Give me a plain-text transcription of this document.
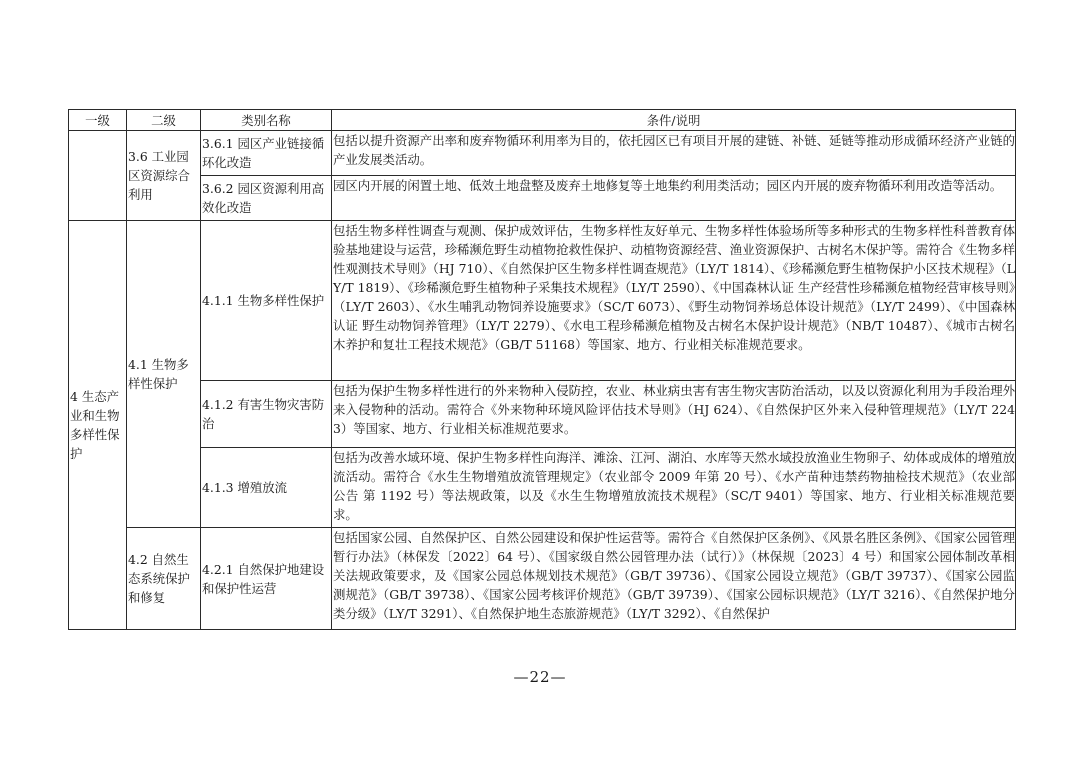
一级	二级	类别名称	条件/说明
	3.6 工业园区资源综合利用	3.6.1 园区产业链接循环化改造	包括以提升资源产出率和废弃物循环利用率为目的，依托园区已有项目开展的建链、补链、延链等推动形成循环经济产业链的产业发展类活动。
		3.6.2 园区资源利用高效化改造	园区内开展的闲置土地、低效土地盘整及废弃土地修复等土地集约利用类活动；园区内开展的废弃物循环利用改造等活动。
4 生态产业和生物多样性保护	4.1 生物多样性保护	4.1.1 生物多样性保护	包括生物多样性调查与观测、保护成效评估，生物多样性友好单元、生物多样性体验场所等多种形式的生物多样性科普教育体验基地建设与运营，珍稀濒危野生动植物抢救性保护、动植物资源经营、渔业资源保护、古树名木保护等。需符合《生物多样性观测技术导则》（HJ 710）、《自然保护区生物多样性调查规范》（LY/T 1814）、《珍稀濒危野生植物保护小区技术规程》（LY/T 1819）、《珍稀濒危野生植物种子采集技术规程》（LY/T 2590）、《中国森林认证 生产经营性珍稀濒危植物经营审核导则》（LY/T 2603）、《水生哺乳动物饲养设施要求》（SC/T 6073）、《野生动物饲养场总体设计规范》（LY/T 2499）、《中国森林认证 野生动物饲养管理》（LY/T 2279）、《水电工程珍稀濒危植物及古树名木保护设计规范》（NB/T 10487）、《城市古树名木养护和复壮工程技术规范》（GB/T 51168）等国家、地方、行业相关标准规范要求。
		4.1.2 有害生物灾害防治	包括为保护生物多样性进行的外来物种入侵防控，农业、林业病虫害有害生物灾害防治活动，以及以资源化利用为手段治理外来入侵物种的活动。需符合《外来物种环境风险评估技术导则》（HJ 624）、《自然保护区外来入侵种管理规范》（LY/T 2243）等国家、地方、行业相关标准规范要求。
		4.1.3 增殖放流	包括为改善水域环境、保护生物多样性向海洋、滩涂、江河、湖泊、水库等天然水域投放渔业生物卵子、幼体或成体的增殖放流活动。需符合《水生生物增殖放流管理规定》（农业部令 2009 年第 20 号）、《水产苗种违禁药物抽检技术规范》（农业部公告 第 1192 号）等法规政策，以及《水生生物增殖放流技术规程》（SC/T 9401）等国家、地方、行业相关标准规范要求。
	4.2 自然生态系统保护和修复	4.2.1 自然保护地建设和保护性运营	包括国家公园、自然保护区、自然公园建设和保护性运营等。需符合《自然保护区条例》、《风景名胜区条例》、《国家公园管理暂行办法》（林保发〔2022〕64 号）、《国家级自然公园管理办法（试行）》（林保规〔2023〕4 号）和国家公园体制改革相关法规政策要求，及《国家公园总体规划技术规范》（GB/T 39736）、《国家公园设立规范》（GB/T 39737）、《国家公园监测规范》（GB/T 39738）、《国家公园考核评价规范》（GB/T 39739）、《国家公园标识规范》（LY/T 3216）、《自然保护地分类分级》（LY/T 3291）、《自然保护地生态旅游规范》（LY/T 3292）、《自然保护
—22—
